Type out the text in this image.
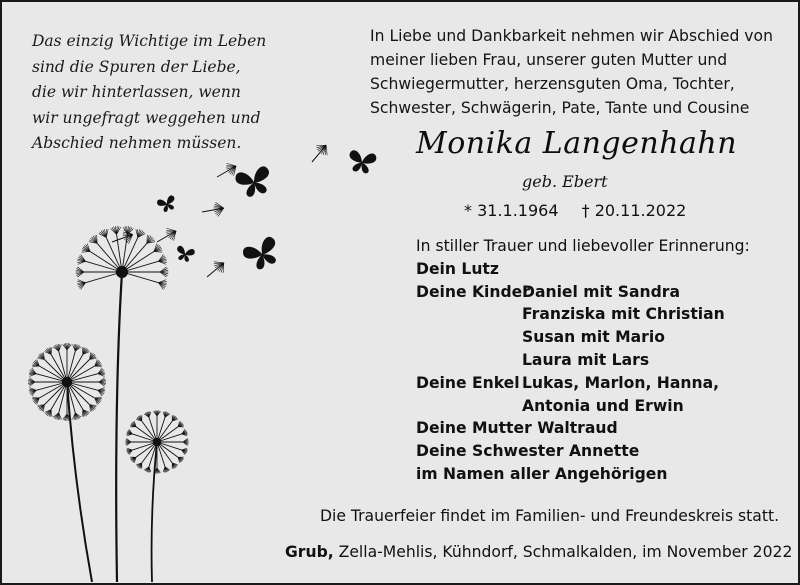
Das einzig Wichtige im Leben
sind die Spuren der Liebe,
die wir hinterlassen, wenn
wir ungefragt weggehen und
Abschied nehmen müssen.
In Liebe und Dankbarkeit nehmen wir Abschied von
meiner lieben Frau, unserer guten Mutter und
Schwiegermutter, herzensguten Oma, Tochter,
Schwester, Schwägerin, Pate, Tante und Cousine
Monika Langenhahn
geb. Ebert
* 31.1.1964 † 20.11.2022
In stiller Trauer und liebevoller Erinnerung:
Dein Lutz
Deine Kinder
Daniel mit Sandra
Franziska mit Christian
Susan mit Mario
Laura mit Lars
Deine Enkel Lukas, Marlon, Hanna,
Antonia und Erwin
Deine Mutter Waltraud
Deine Schwester Annette
im Namen aller Angehörigen
Die Trauerfeier findet im Familien- und Freundeskreis statt.
Grub, Zella-Mehlis, Kühndorf, Schmalkalden, im November 2022
